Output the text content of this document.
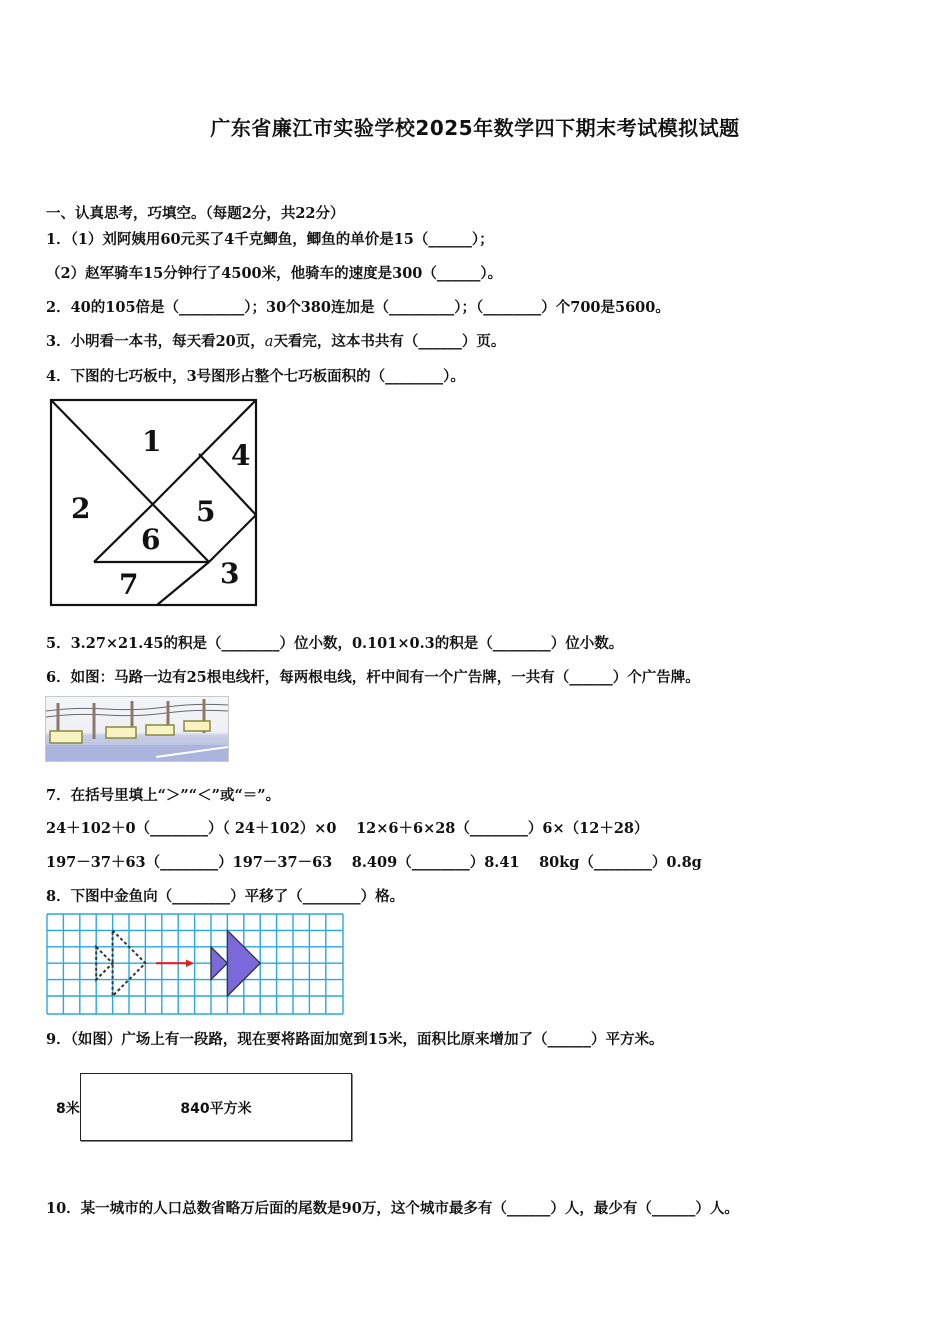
广东省廉江市实验学校2025年数学四下期末考试模拟试题
一、认真思考，巧填空。（每题2分，共22分）
1．（1）刘阿姨用60元买了4千克鲫鱼，鲫鱼的单价是15（______）；
（2）赵军骑车15分钟行了4500米，他骑车的速度是300（______）。
2．40的105倍是（_________）；30个380连加是（_________）；（________）个700是5600。
3．小明看一本书，每天看20页，a天看完，这本书共有（______）页。
4．下图的七巧板中，3号图形占整个七巧板面积的（________）。
1
2
3
4
5
6
7
5．3.27×21.45的积是（________）位小数，0.101×0.3的积是（________）位小数。
6．如图：马路一边有25根电线杆，每两根电线，杆中间有一个广告牌，一共有（______）个广告牌。
7．在括号里填上“＞”“＜”或“＝”。
24＋102＋0（________）（ 24＋102）×0　 12×6＋6×28（________）6×（12＋28）
197－37＋63（________）197－37－63　 8.409（________）8.41　 80kg（________）0.8g
8．下图中金鱼向（________）平移了（________）格。
9．（如图）广场上有一段路，现在要将路面加宽到15米，面积比原来增加了（______）平方米。
8米	840平方米
10．某一城市的人口总数省略万后面的尾数是90万，这个城市最多有（______）人，最少有（______）人。
